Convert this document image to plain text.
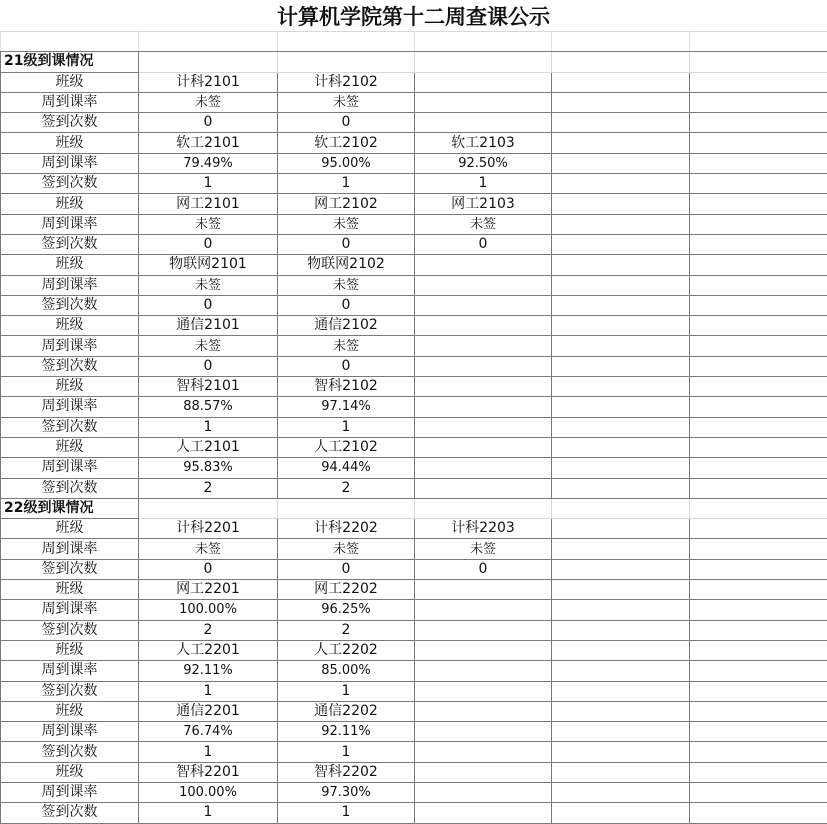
计算机学院第十二周查课公示

21级到课情况					
班级	计科2101	计科2102			
周到课率	未签	未签			
签到次数	0	0			
班级	软工2101	软工2102	软工2103		
周到课率	79.49%	95.00%	92.50%		
签到次数	1	1	1		
班级	网工2101	网工2102	网工2103		
周到课率	未签	未签	未签		
签到次数	0	0	0		
班级	物联网2101	物联网2102			
周到课率	未签	未签			
签到次数	0	0			
班级	通信2101	通信2102			
周到课率	未签	未签			
签到次数	0	0			
班级	智科2101	智科2102			
周到课率	88.57%	97.14%			
签到次数	1	1			
班级	人工2101	人工2102			
周到课率	95.83%	94.44%			
签到次数	2	2			
22级到课情况					
班级	计科2201	计科2202	计科2203		
周到课率	未签	未签	未签		
签到次数	0	0	0		
班级	网工2201	网工2202			
周到课率	100.00%	96.25%			
签到次数	2	2			
班级	人工2201	人工2202			
周到课率	92.11%	85.00%			
签到次数	1	1			
班级	通信2201	通信2202			
周到课率	76.74%	92.11%			
签到次数	1	1			
班级	智科2201	智科2202			
周到课率	100.00%	97.30%			
签到次数	1	1			
